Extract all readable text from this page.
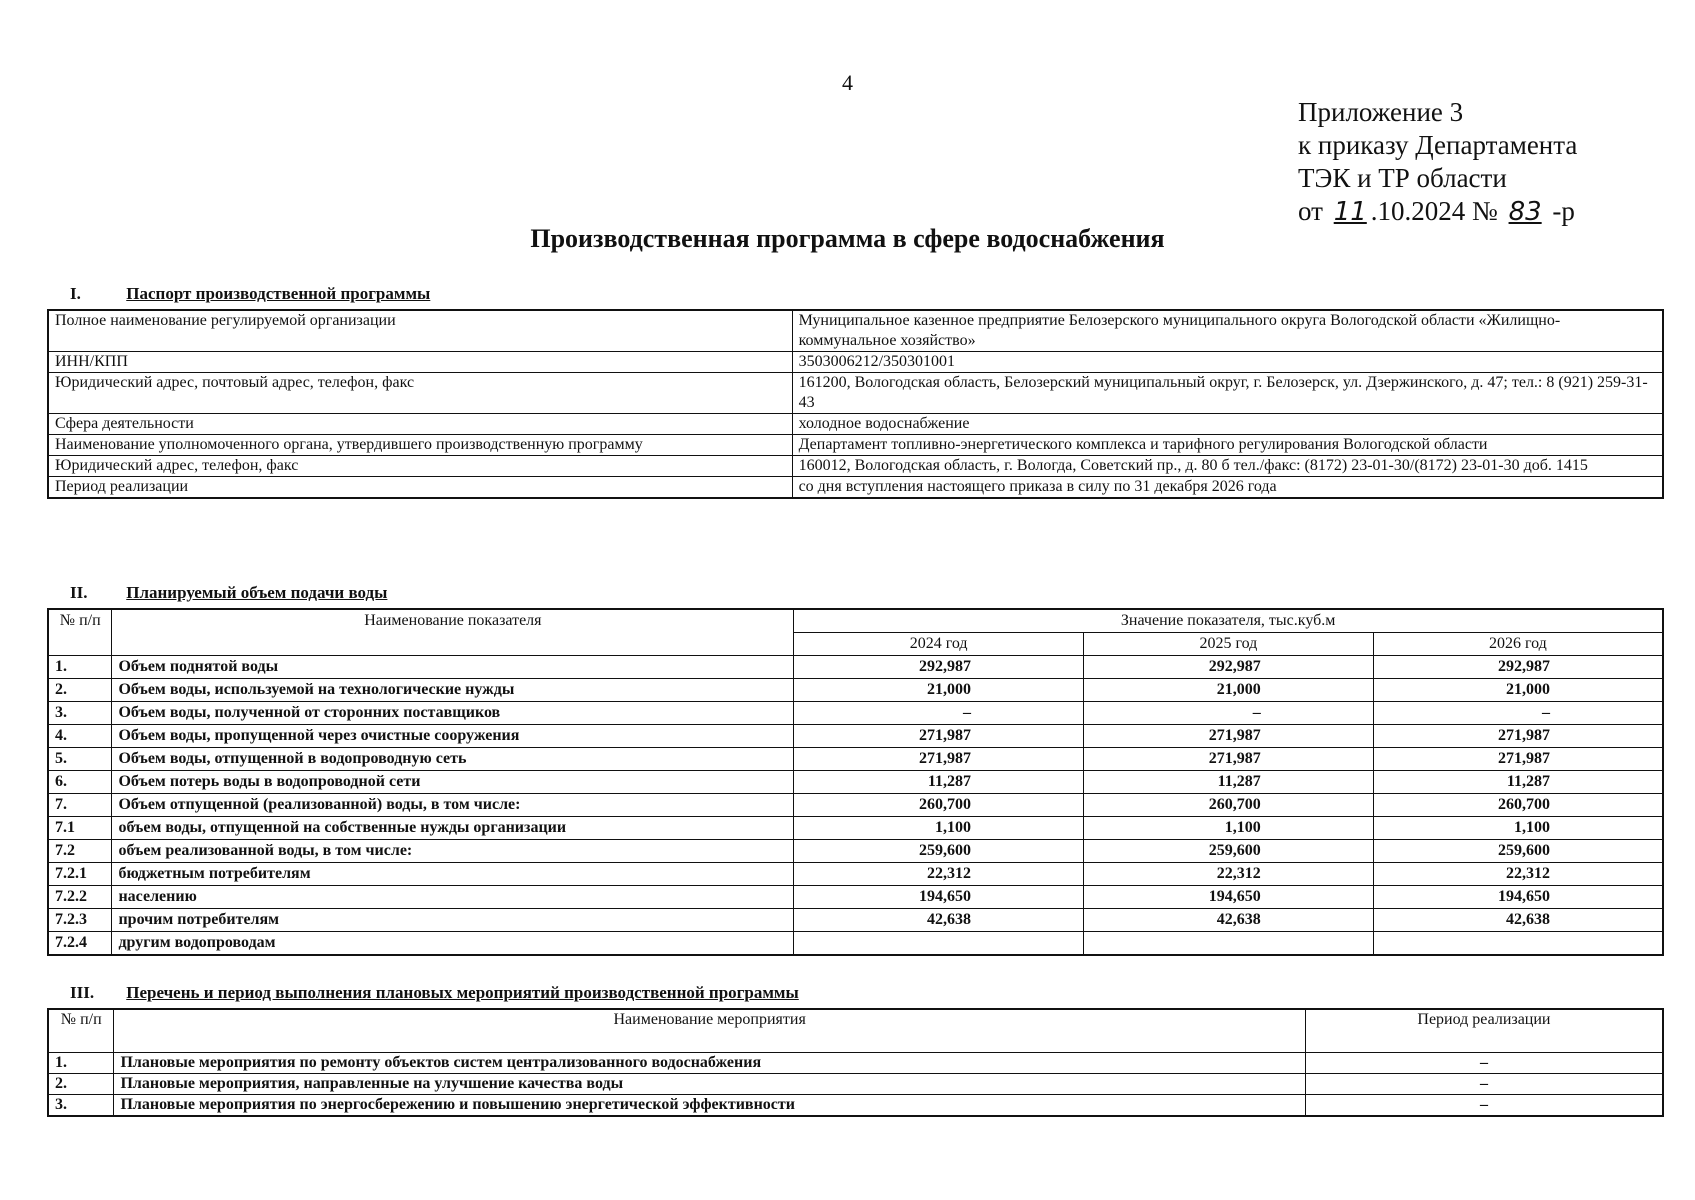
4
Приложение 3
к приказу Департамента
ТЭК и ТР области
от 11 .10.2024 № 83 -р
Производственная программа в сфере водоснабжения
I.	Паспорт производственной программы
Полное наименование регулируемой организации	Муниципальное казенное предприятие Белозерского муниципального округа Вологодской области «Жилищно-коммунальное хозяйство»
ИНН/КПП	3503006212/350301001
Юридический адрес, почтовый адрес, телефон, факс	161200, Вологодская область, Белозерский муниципальный округ, г. Белозерск, ул. Дзержинского, д. 47; тел.: 8 (921) 259-31-43
Сфера деятельности	холодное водоснабжение
Наименование уполномоченного органа, утвердившего производственную программу	Департамент топливно-энергетического комплекса и тарифного регулирования Вологодской области
Юридический адрес, телефон, факс	160012, Вологодская область, г. Вологда, Советский пр., д. 80 б тел./факс: (8172) 23-01-30/(8172) 23-01-30 доб. 1415
Период реализации	со дня вступления настоящего приказа в силу по 31 декабря 2026 года
II. Планируемый объем подачи воды
№ п/п	Наименование показателя	Значение показателя, тыс.куб.м		
		2024 год	2025 год	2026 год
1.	Объем поднятой воды	292,987	292,987	292,987
2.	Объем воды, используемой на технологические нужды	21,000	21,000	21,000
3.	Объем воды, полученной от сторонних поставщиков	–	–	–
4.	Объем воды, пропущенной через очистные сооружения	271,987	271,987	271,987
5.	Объем воды, отпущенной в водопроводную сеть	271,987	271,987	271,987
6.	Объем потерь воды в водопроводной сети	11,287	11,287	11,287
7.	Объем отпущенной (реализованной) воды, в том числе:	260,700	260,700	260,700
7.1	объем воды, отпущенной на собственные нужды организации	1,100	1,100	1,100
7.2	объем реализованной воды, в том числе:	259,600	259,600	259,600
7.2.1	бюджетным потребителям	22,312	22,312	22,312
7.2.2	населению	194,650	194,650	194,650
7.2.3	прочим потребителям	42,638	42,638	42,638
7.2.4	другим водопроводам			
III. Перечень и период выполнения плановых мероприятий производственной программы
№ п/п	Наименование мероприятия	Период реализации
1.	Плановые мероприятия по ремонту объектов систем централизованного водоснабжения	–
2.	Плановые мероприятия, направленные на улучшение качества воды	–
3.	Плановые мероприятия по энергосбережению и повышению энергетической эффективности	–
